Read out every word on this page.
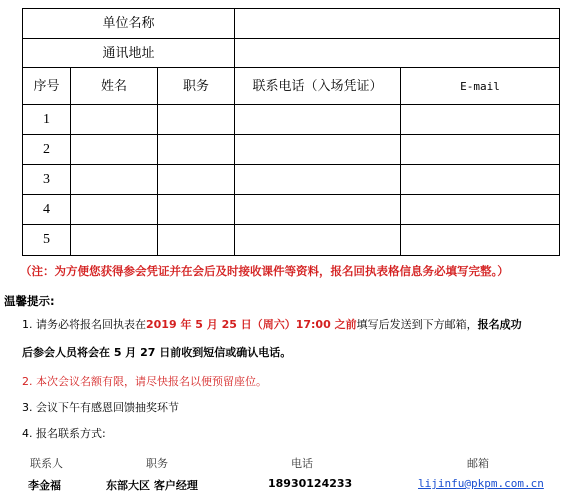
单位名称				
通讯地址				
序号	姓名	职务	联系电话（入场凭证）	E-mail
1				
2				
3				
4				
5				
（注：为方便您获得参会凭证并在会后及时接收课件等资料，报名回执表格信息务必填写完整。）
温馨提示:
1. 请务必将报名回执表在2019 年 5 月 25 日（周六）17:00 之前填写后发送到下方邮箱，报名成功
后参会人员将会在 5 月 27 日前收到短信或确认电话。
2. 本次会议名额有限，请尽快报名以便预留座位。
3. 会议下午有感恩回馈抽奖环节
4. 报名联系方式:
联系人	职务	电话	邮箱
李金福	东部大区 客户经理	18930124233	lijinfu@pkpm.com.cn
